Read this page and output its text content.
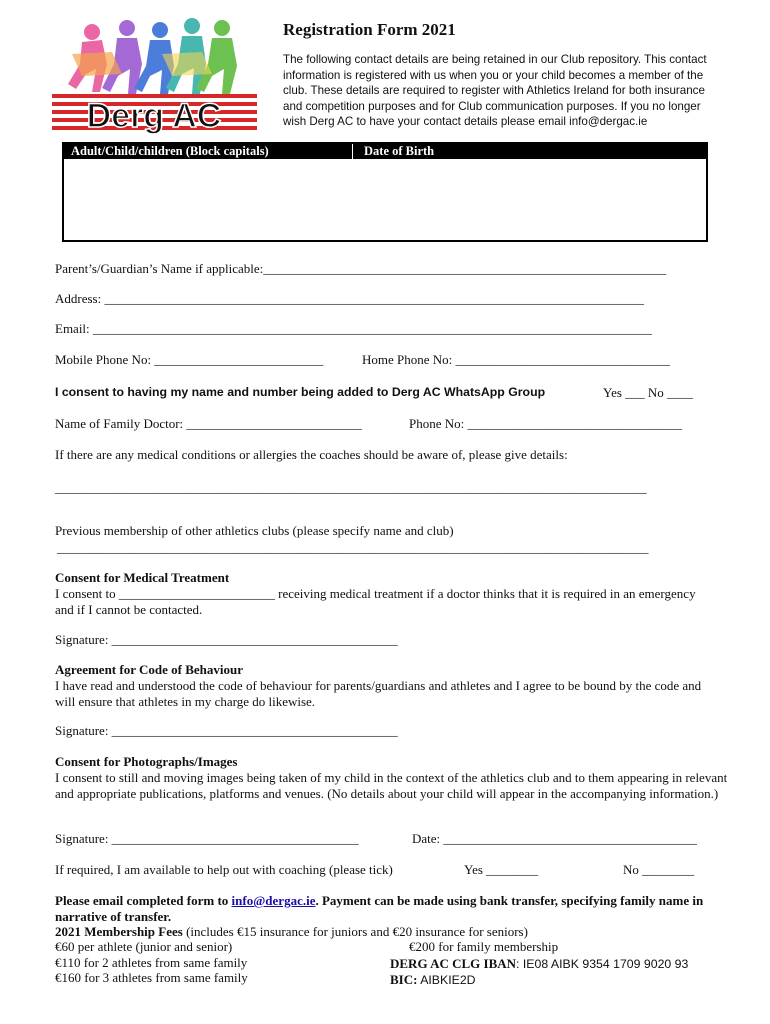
Derg AC
Registration Form 2021
The following contact details are being retained in our Club repository. This contact information is registered with us when you or your child becomes a member of the club. These details are required to register with Athletics Ireland for both insurance and competition purposes and for Club communication purposes. If you no longer wish Derg AC to have your contact details please email info@dergac.ie
Adult/Child/children (Block capitals)	Date of Birth
Parent’s/Guardian’s Name if applicable:______________________________________________________________
Address: ___________________________________________________________________________________
Email: ______________________________________________________________________________________
Mobile Phone No: __________________________	Home Phone No: _________________________________
I consent to having my name and number being added to Derg AC WhatsApp Group	Yes ___ No ____
Name of Family Doctor: ___________________________	Phone No: _________________________________
If there are any medical conditions or allergies the coaches should be aware of, please give details:
___________________________________________________________________________________________
Previous membership of other athletics clubs (please specify name and club)
___________________________________________________________________________________________
Consent for Medical Treatment
I consent to ________________________ receiving medical treatment if a doctor thinks that it is required in an emergency and if I cannot be contacted.
Signature: ____________________________________________
Agreement for Code of Behaviour
I have read and understood the code of behaviour for parents/guardians and athletes and I agree to be bound by the code and will ensure that athletes in my charge do likewise.
Signature: ____________________________________________
Consent for Photographs/Images
I consent to still and moving images being taken of my child in the context of the athletics club and to them appearing in relevant and appropriate publications, platforms and venues. (No details about your child will appear in the accompanying information.)
Signature: ______________________________________	Date: _______________________________________
If required, I am available to help out with coaching (please tick)	Yes ________	No ________
Please email completed form to info@dergac.ie. Payment can be made using bank transfer, specifying family name in narrative of transfer.
2021 Membership Fees (includes €15 insurance for juniors and €20 insurance for seniors)
€60 per athlete (junior and senior)
€110 for 2 athletes from same family
€160 for 3 athletes from same family
€200 for family membership
DERG AC CLG IBAN: IE08 AIBK 9354 1709 9020 93
BIC: AIBKIE2D
